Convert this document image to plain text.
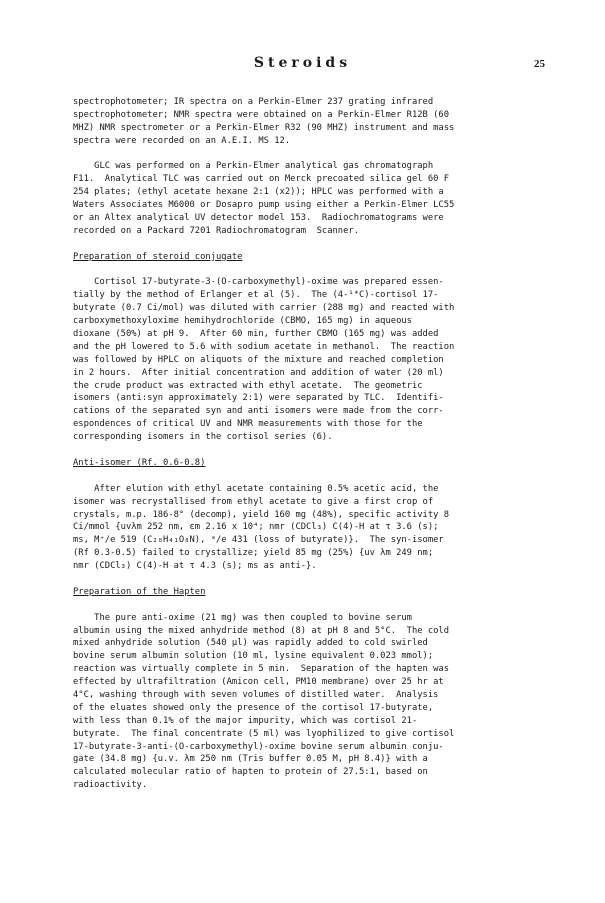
Steroids	25
spectrophotometer; IR spectra on a Perkin-Elmer 237 grating infrared
spectrophotometer; NMR spectra were obtained on a Perkin-Elmer R12B (60
MHZ) NMR spectrometer or a Perkin-Elmer R32 (90 MHZ) instrument and mass
spectra were recorded on an A.E.I. MS 12.
GLC was performed on a Perkin-Elmer analytical gas chromatograph
F11.  Analytical TLC was carried out on Merck precoated silica gel 60 F
254 plates; (ethyl acetate hexane 2:1 (x2)); HPLC was performed with a
Waters Associates M6000 or Dosapro pump using either a Perkin-Elmer LC55
or an Altex analytical UV detector model 153.  Radiochromatograms were
recorded on a Packard 7201 Radiochromatogram  Scanner.
Preparation of steroid conjugate
Cortisol 17-butyrate-3-(O-carboxymethyl)-oxime was prepared essen-
tially by the method of Erlanger et al (5).  The (4-¹⁴C)-cortisol 17-
butyrate (0.7 Ci/mol) was diluted with carrier (288 mg) and reacted with
carboxymethoxyloxime hemihydrochloride (CBMO, 165 mg) in aqueous
dioxane (50%) at pH 9.  After 60 min, further CBMO (165 mg) was added
and the pH lowered to 5.6 with sodium acetate in methanol.  The reaction
was followed by HPLC on aliquots of the mixture and reached completion
in 2 hours.  After initial concentration and addition of water (20 ml)
the crude product was extracted with ethyl acetate.  The geometric
isomers (anti:syn approximately 2:1) were separated by TLC.  Identifi-
cations of the separated syn and anti isomers were made from the corr-
espondences of critical UV and NMR measurements with those for the
corresponding isomers in the cortisol series (6).
Anti-isomer (Rf. 0.6-0.8)
After elution with ethyl acetate containing 0.5% acetic acid, the
isomer was recrystallised from ethyl acetate to give a first crop of
crystals, m.p. 186-8° (decomp), yield 160 mg (48%), specific activity 8
Ci/mmol {uvλm 252 nm, εm 2.16 x 10⁴; nmr (CDCl₃) C(4)-H at τ 3.6 (s);
ms, M⁺/e 519 (C₂₈H₄₁O₈N), ᵐ/e 431 (loss of butyrate)}.  The syn-isomer
(Rf 0.3-0.5) failed to crystallize; yield 85 mg (25%) {uv λm 249 nm;
nmr (CDCl₃) C(4)-H at τ 4.3 (s); ms as anti-}.
Preparation of the Hapten
The pure anti-oxime (21 mg) was then coupled to bovine serum
albumin using the mixed anhydride method (8) at pH 8 and 5°C.  The cold
mixed anhydride solution (540 µl) was rapidly added to cold swirled
bovine serum albumin solution (10 ml, lysine equivalent 0.023 mmol);
reaction was virtually complete in 5 min.  Separation of the hapten was
effected by ultrafiltration (Amicon cell, PM10 membrane) over 25 hr at
4°C, washing through with seven volumes of distilled water.  Analysis
of the eluates showed only the presence of the cortisol 17-butyrate,
with less than 0.1% of the major impurity, which was cortisol 21-
butyrate.  The final concentrate (5 ml) was lyophilized to give cortisol
17-butyrate-3-anti-(O-carboxymethyl)-oxime bovine serum albumin conju-
gate (34.8 mg) {u.v. λm 250 nm (Tris buffer 0.05 M, pH 8.4)} with a
calculated molecular ratio of hapten to protein of 27.5:1, based on
radioactivity.
